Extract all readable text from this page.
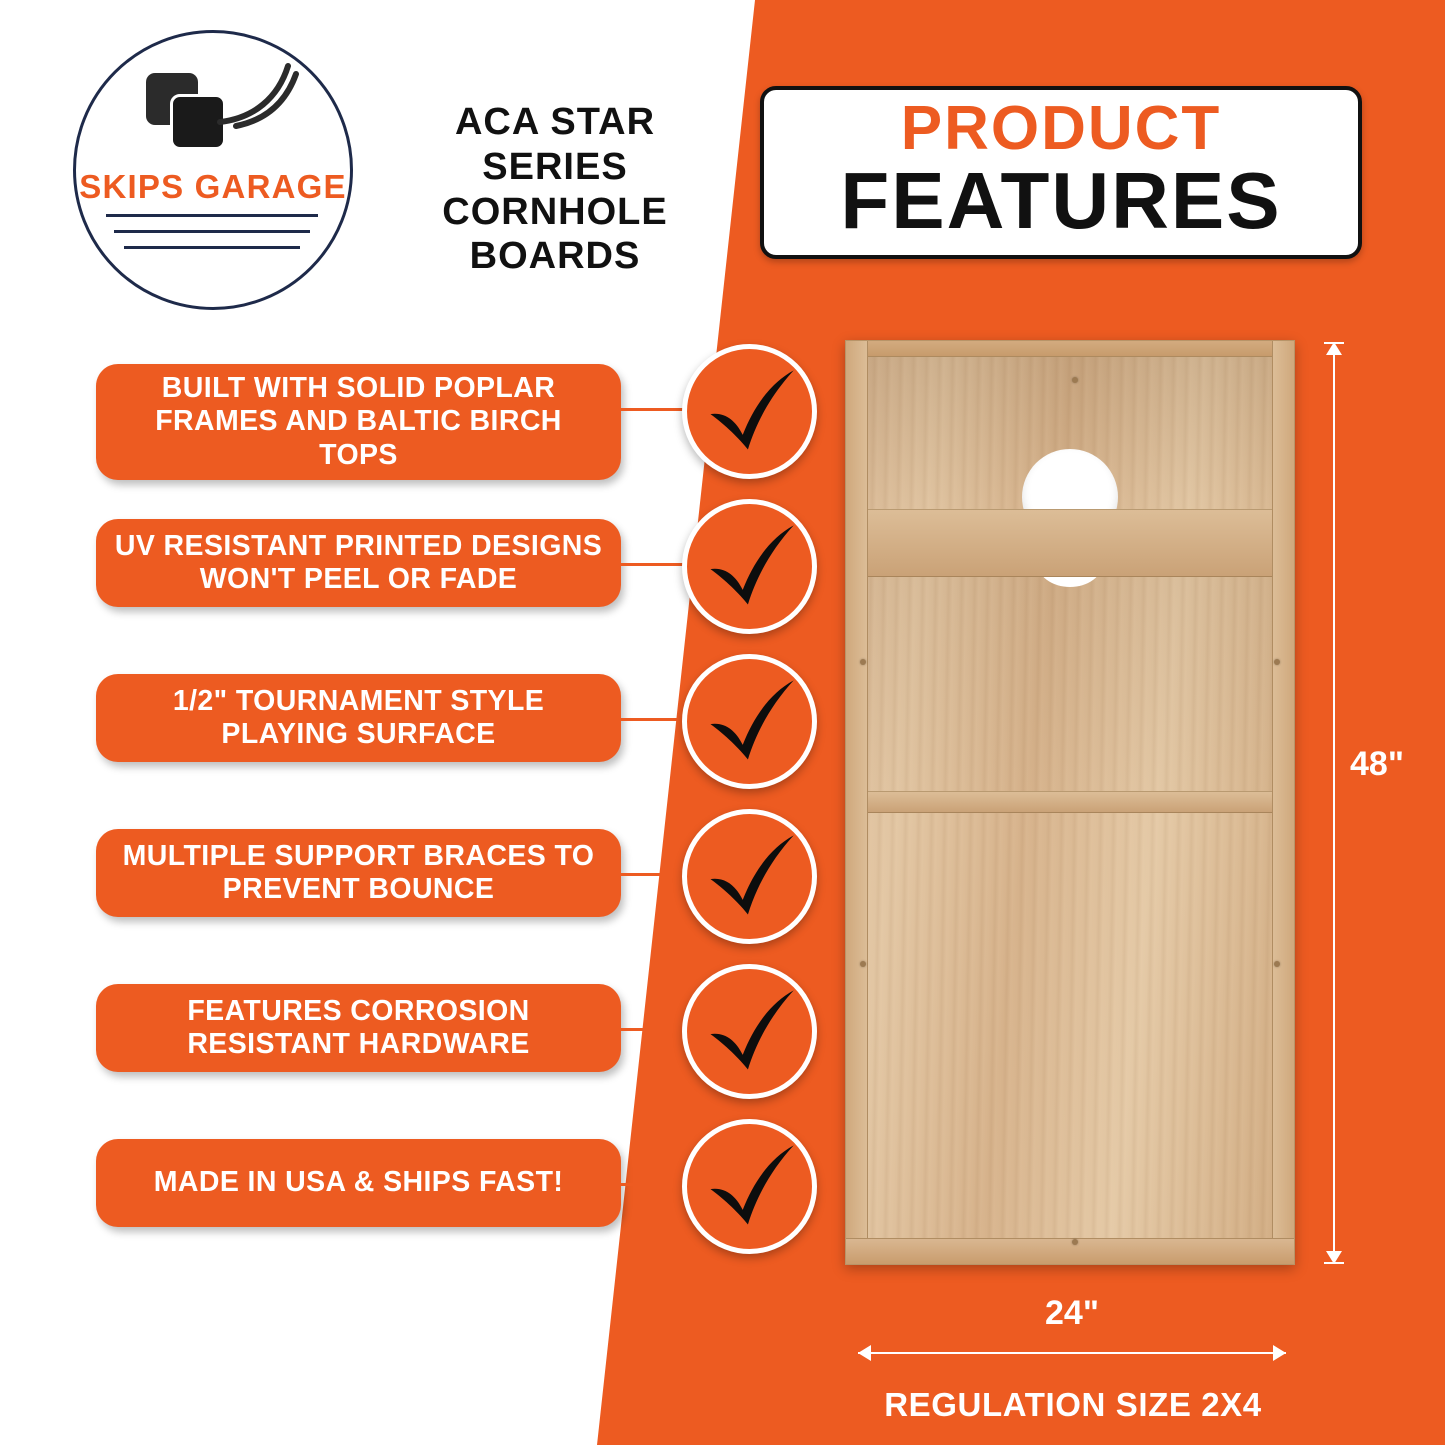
SKIPS GARAGE
ACA STAR SERIES CORNHOLE BOARDS
PRODUCT
FEATURES
BUILT WITH SOLID POPLAR FRAMES AND BALTIC BIRCH TOPS
UV RESISTANT PRINTED DESIGNS WON'T PEEL OR FADE
1/2" TOURNAMENT STYLE PLAYING SURFACE
MULTIPLE SUPPORT BRACES TO PREVENT BOUNCE
FEATURES CORROSION RESISTANT HARDWARE
MADE IN USA & SHIPS FAST!
48"
24"
REGULATION SIZE 2X4
